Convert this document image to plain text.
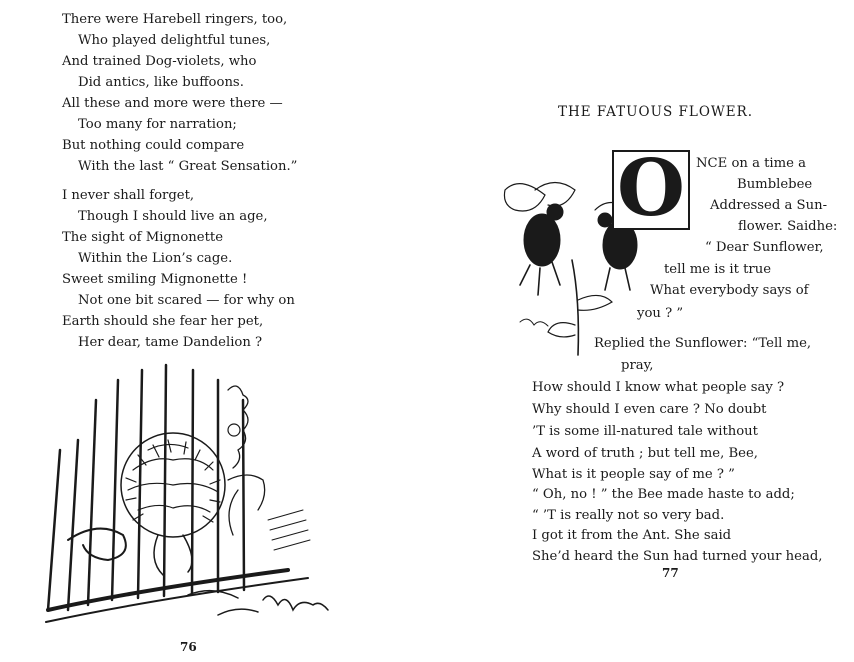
There were Harebell ringers, too,
Who played delightful tunes,
And trained Dog-violets, who
Did antics, like buffoons.
All these and more were there —
Too many for narration;
But nothing could compare
With the last “ Great Sensation.”
I never shall forget,
Though I should live an age,
The sight of Mignonette
Within the Lion’s cage.
Sweet smiling Mignonette !
Not one bit scared — for why on
Earth should she fear her pet,
Her dear, tame Dandelion ?
76
THE FATUOUS FLOWER.
O NCE on a time a
Bumblebee
Addressed a Sun-
flower. Saidhe:
“ Dear Sunflower,
tell me is it true
What everybody says of
you ? ”
Replied the Sunflower: “Tell me,
pray,
How should I know what people say ?
Why should I even care ? No doubt
’T is some ill-natured tale without
A word of truth ; but tell me, Bee,
What is it people say of me ? ”
“ Oh, no ! ” the Bee made haste to add;
“ ’T is really not so very bad.
I got it from the Ant. She said
She’d heard the Sun had turned your head,
77
